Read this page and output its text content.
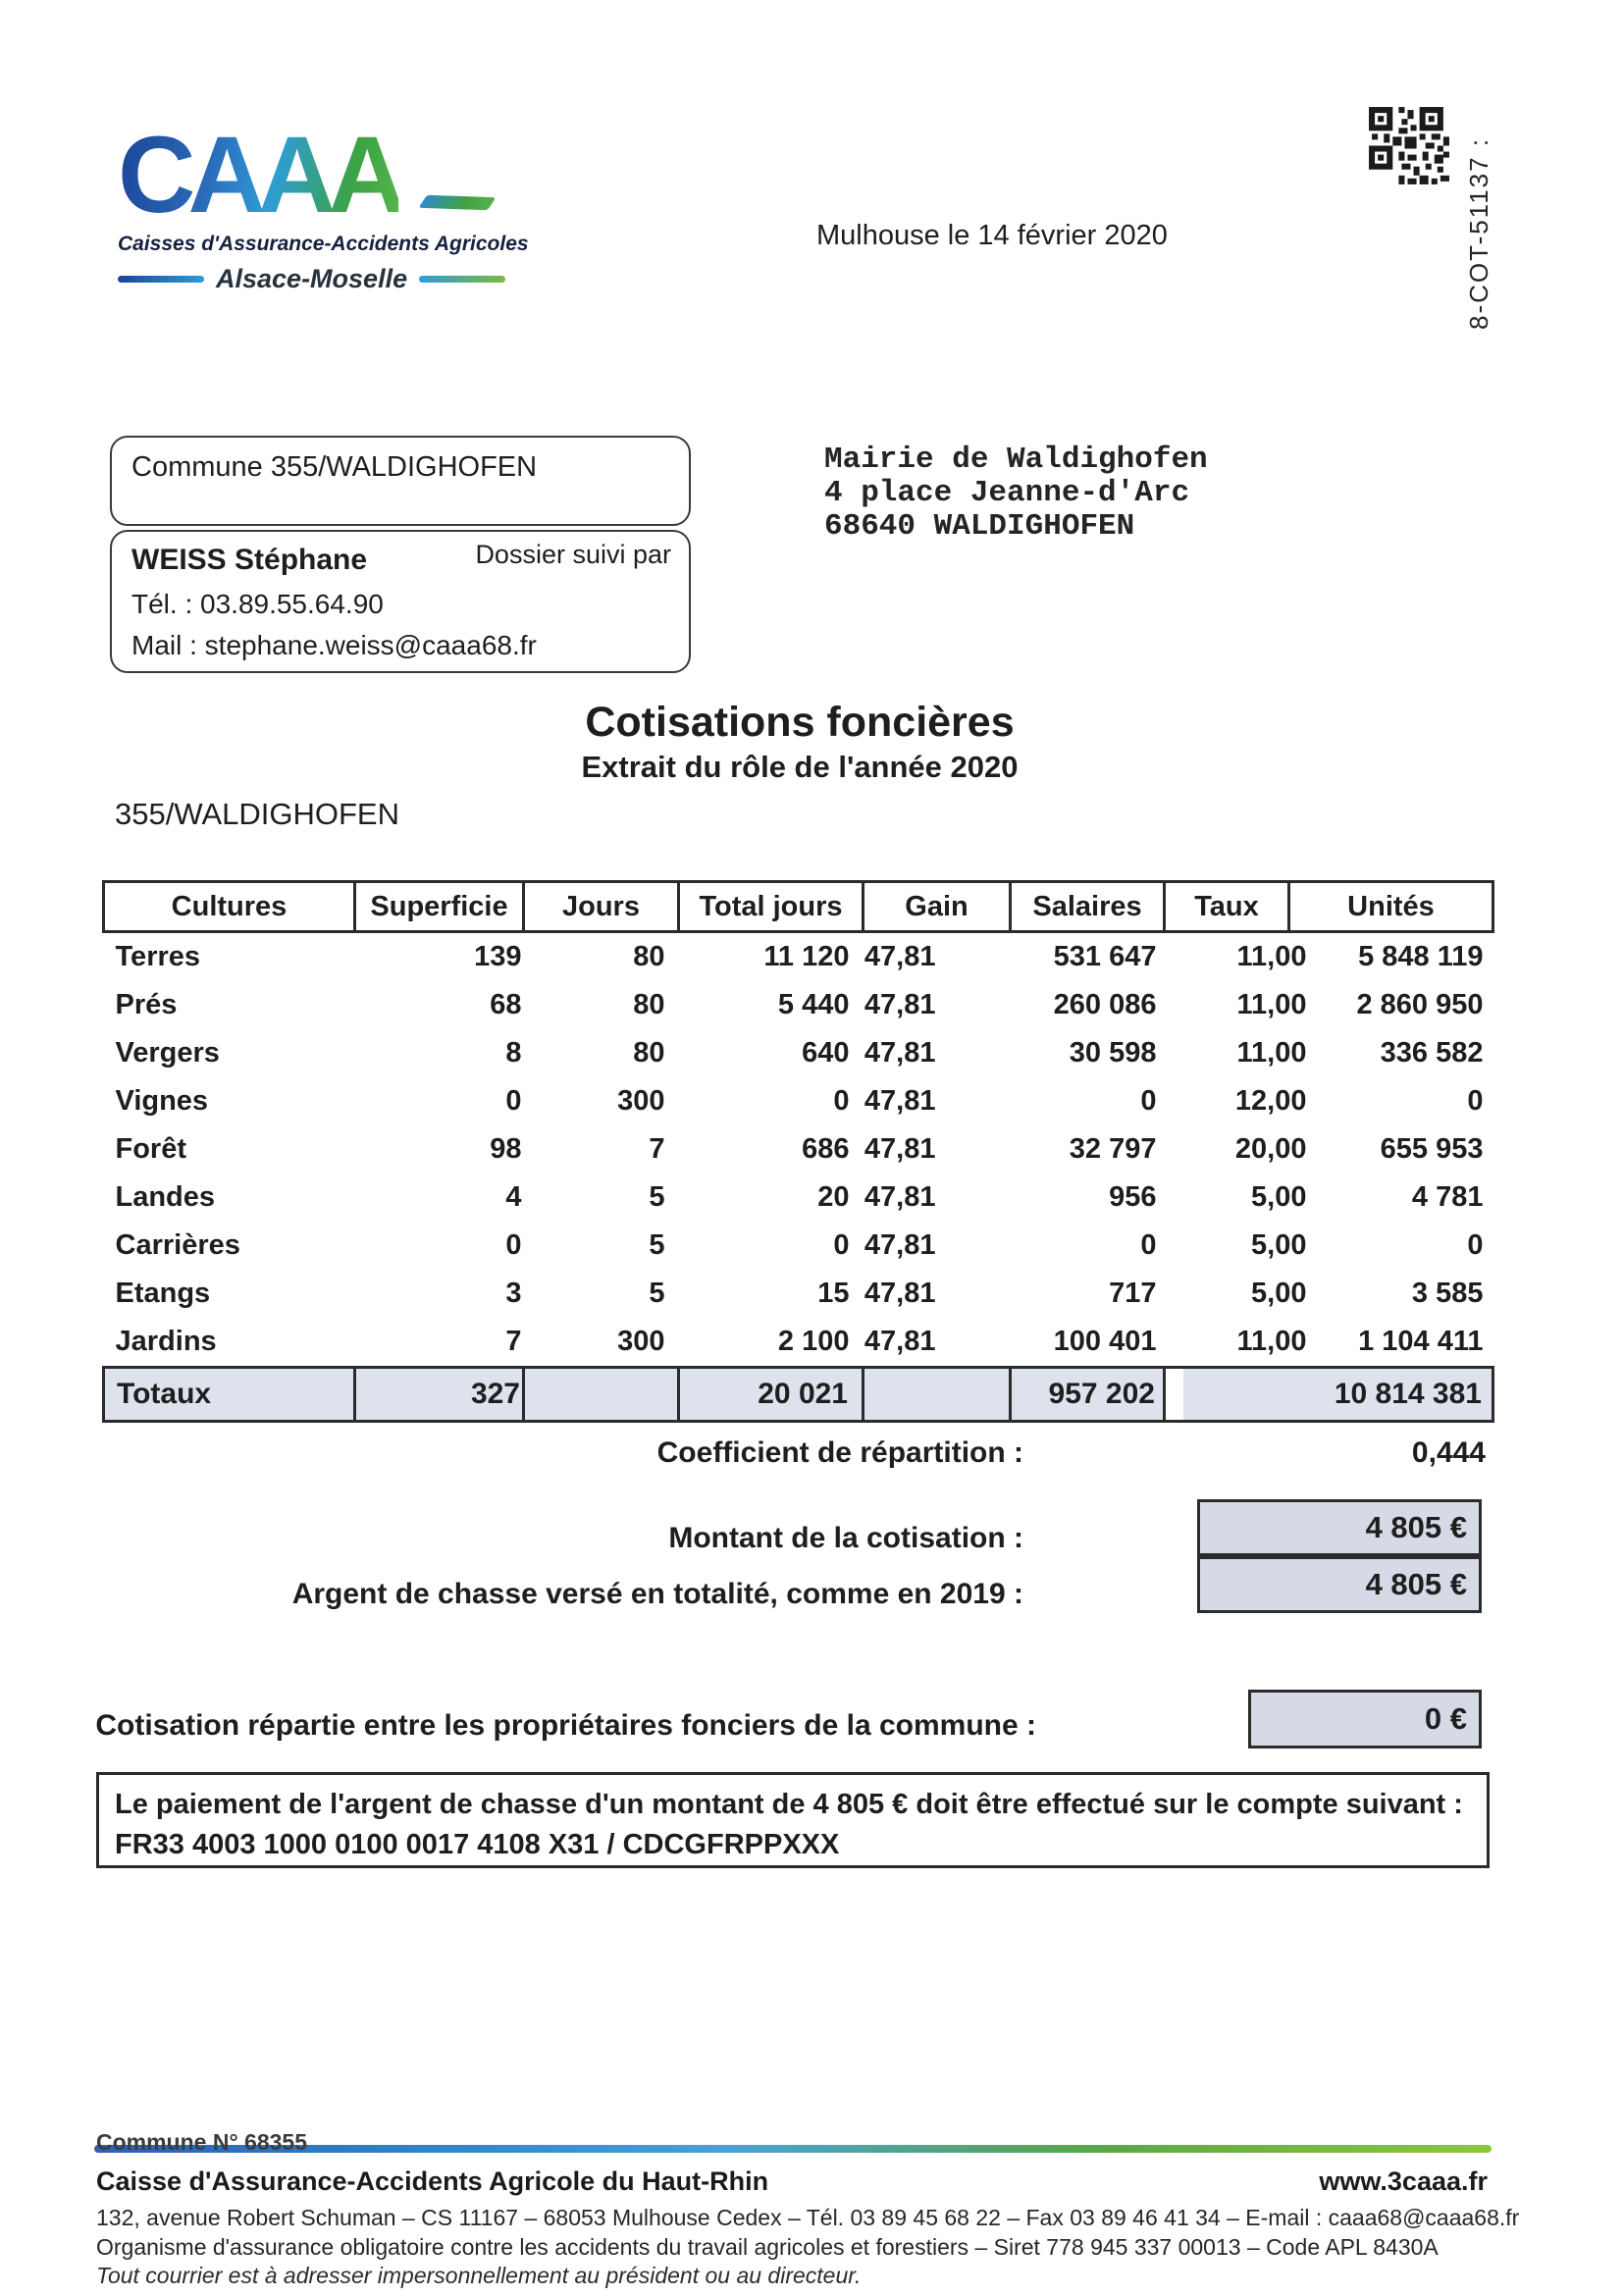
CAAA
Caisses d'Assurance-Accidents Agricoles
Alsace-Moselle
Mulhouse le 14 février 2020	8-COT-51137 :
Commune 355/WALDIGHOFEN
WEISS Stéphane	Dossier suivi par
Tél. : 03.89.55.64.90
Mail : stephane.weiss@caaa68.fr
Mairie de Waldighofen
4 place Jeanne-d'Arc
68640 WALDIGHOFEN
Cotisations foncières
Extrait du rôle de l'année 2020
355/WALDIGHOFEN
Cultures	Superficie	Jours	Total jours	Gain	Salaires	Taux	Unités
Terres	139	80	11 120	47,81	531 647	11,00	5 848 119
Prés	68	80	5 440	47,81	260 086	11,00	2 860 950
Vergers	8	80	640	47,81	30 598	11,00	336 582
Vignes	0	300	0	47,81	0	12,00	0
Forêt	98	7	686	47,81	32 797	20,00	655 953
Landes	4	5	20	47,81	956	5,00	4 781
Carrières	0	5	0	47,81	0	5,00	0
Etangs	3	5	15	47,81	717	5,00	3 585
Jardins	7	300	2 100	47,81	100 401	11,00	1 104 411
Totaux	327		20 021		957 202		10 814 381
Coefficient de répartition :	0,444
Montant de la cotisation :	4 805 €
Argent de chasse versé en totalité, comme en 2019 :	4 805 €
Cotisation répartie entre les propriétaires fonciers de la commune :	0 €
Le paiement de l'argent de chasse d'un montant de 4 805 € doit être effectué sur le compte suivant :
FR33 4003 1000 0100 0017 4108 X31 / CDCGFRPPXXX
Commune N° 68355
Caisse d'Assurance-Accidents Agricole du Haut-Rhin	www.3caaa.fr
132, avenue Robert Schuman – CS 11167 – 68053 Mulhouse Cedex – Tél. 03 89 45 68 22 – Fax 03 89 46 41 34 – E-mail : caaa68@caaa68.fr
Organisme d'assurance obligatoire contre les accidents du travail agricoles et forestiers – Siret 778 945 337 00013 – Code APL 8430A
Tout courrier est à adresser impersonnellement au président ou au directeur.
